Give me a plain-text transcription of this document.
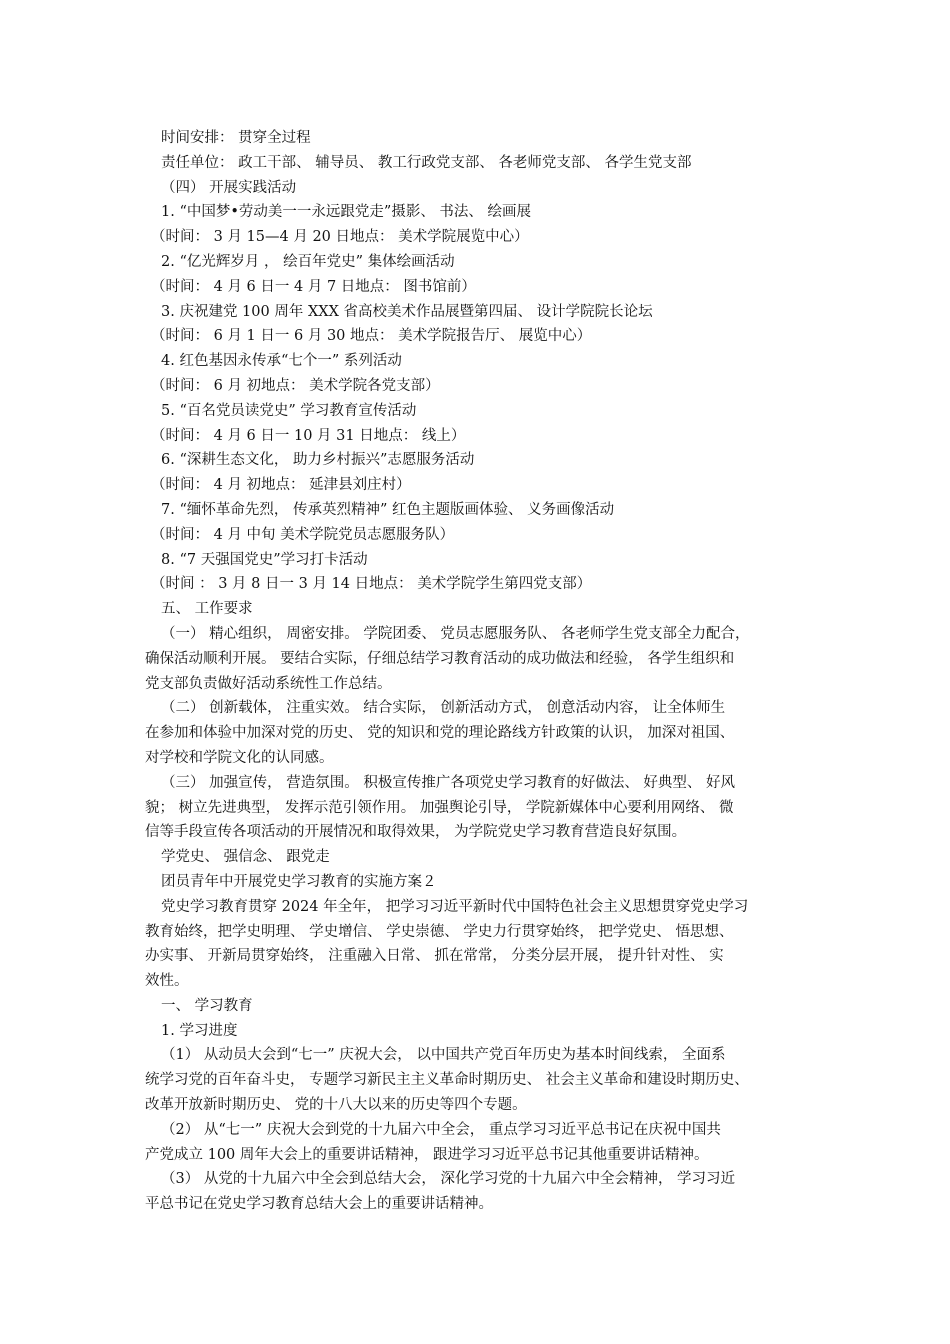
时间安排： 贯穿全过程
责任单位： 政工干部、 辅导员、 教工行政党支部、 各老师党支部、 各学生党支部
（四） 开展实践活动
1. “中国梦•劳动美一一永远跟党走”摄影、 书法、 绘画展
（时间： 3 月 15—4 月 20 日地点： 美术学院展览中心）
2. “亿光辉岁月 ， 绘百年党史” 集体绘画活动
（时间： 4 月 6 日一 4 月 7 日地点： 图书馆前）
3. 庆祝建党 100 周年 XXX 省高校美术作品展暨第四届、 设计学院院长论坛
（时间： 6 月 1 日一 6 月 30 地点： 美术学院报告厅、 展览中心）
4. 红色基因永传承“七个一” 系列活动
（时间： 6 月 初地点： 美术学院各党支部）
5. “百名党员读党史” 学习教育宣传活动
（时间： 4 月 6 日一 10 月 31 日地点： 线上）
6. “深耕生态文化， 助力乡村振兴”志愿服务活动
（时间： 4 月 初地点： 延津县刘庄村）
7. “缅怀革命先烈， 传承英烈精神” 红色主题版画体验、 义务画像活动
（时间： 4 月 中旬 美术学院党员志愿服务队）
8. “7 天强国党史”学习打卡活动
（时间 ： 3 月 8 日一 3 月 14 日地点： 美术学院学生第四党支部）
五、 工作要求
（一） 精心组织， 周密安排。 学院团委、 党员志愿服务队、 各老师学生党支部全力配合，
确保活动顺利开展。 要结合实际，仔细总结学习教育活动的成功做法和经验， 各学生组织和
党支部负责做好活动系统性工作总结。
（二） 创新载体， 注重实效。 结合实际， 创新活动方式， 创意活动内容， 让全体师生
在参加和体验中加深对党的历史、 党的知识和党的理论路线方针政策的认识， 加深对祖国、
对学校和学院文化的认同感。
（三） 加强宣传， 营造氛围。 积极宣传推广各项党史学习教育的好做法、 好典型、 好风
貌； 树立先进典型， 发挥示范引领作用。 加强舆论引导， 学院新媒体中心要利用网络、 微
信等手段宣传各项活动的开展情况和取得效果， 为学院党史学习教育营造良好氛围。
学党史、 强信念、 跟党走
团员青年中开展党史学习教育的实施方案２
党史学习教育贯穿 2024 年全年， 把学习习近平新时代中国特色社会主义思想贯穿党史学习
教育始终，把学史明理、 学史增信、 学史崇德、 学史力行贯穿始终， 把学党史、 悟思想、
办实事、 开新局贯穿始终， 注重融入日常、 抓在常常， 分类分层开展， 提升针对性、 实
效性。
一、 学习教育
1. 学习进度
（1） 从动员大会到“七一” 庆祝大会， 以中国共产党百年历史为基本时间线索， 全面系
统学习党的百年奋斗史， 专题学习新民主主义革命时期历史、 社会主义革命和建设时期历史、
改革开放新时期历史、 党的十八大以来的历史等四个专题。
（2） 从“七一” 庆祝大会到党的十九届六中全会， 重点学习习近平总书记在庆祝中国共
产党成立 100 周年大会上的重要讲话精神， 跟进学习习近平总书记其他重要讲话精神。
（3） 从党的十九届六中全会到总结大会， 深化学习党的十九届六中全会精神， 学习习近
平总书记在党史学习教育总结大会上的重要讲话精神。
